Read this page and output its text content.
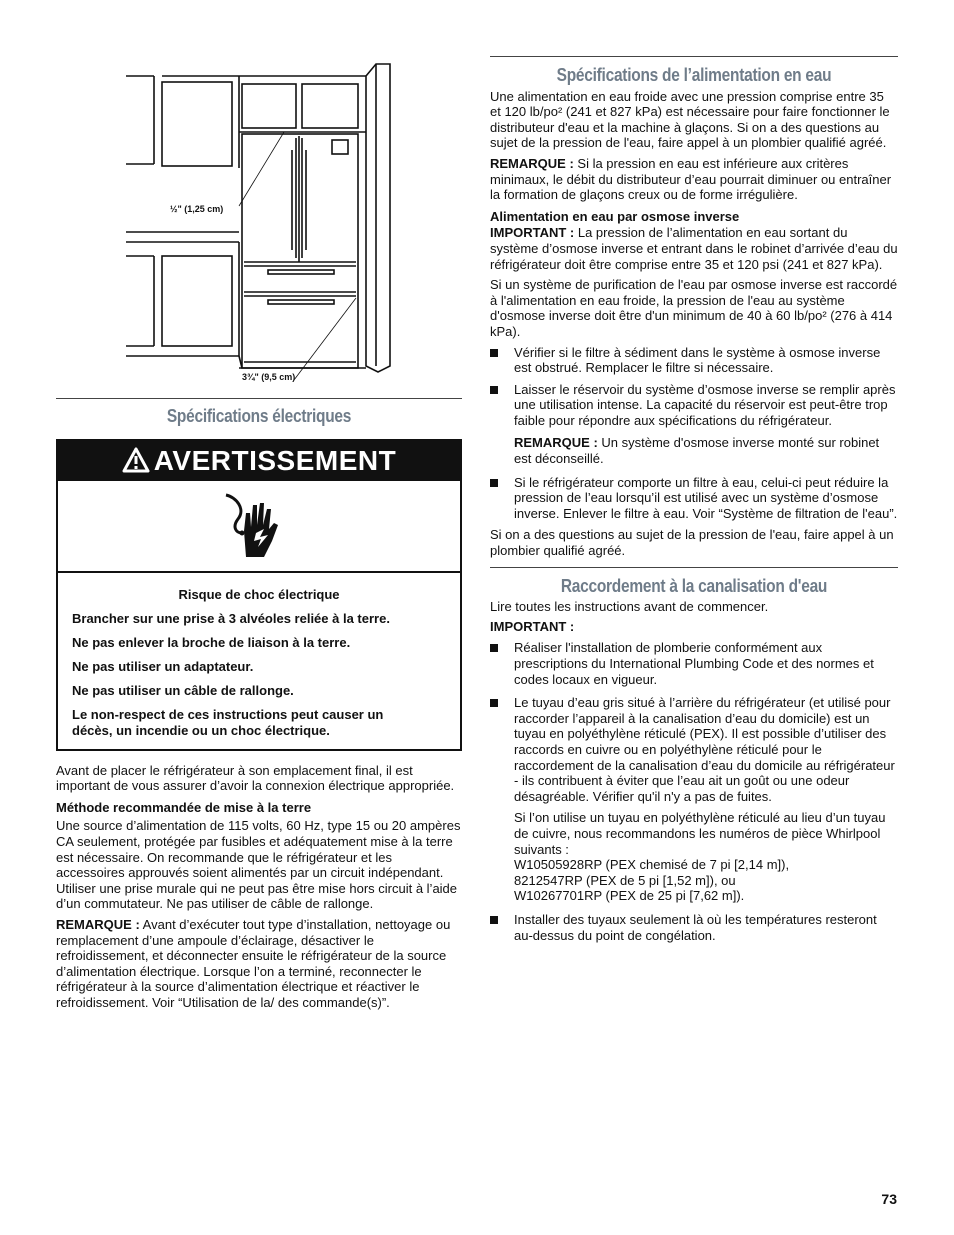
½" (1,25 cm)
3¾" (9,5 cm)
Spécifications électriques
AVERTISSEMENT

Risque de choc électrique

Brancher sur une prise à 3 alvéoles reliée à la terre.

Ne pas enlever la broche de liaison à la terre.

Ne pas utiliser un adaptateur.

Ne pas utiliser un câble de rallonge.

Le non-respect de ces instructions peut causer un décès, un incendie ou un choc électrique.

Avant de placer le réfrigérateur à son emplacement final, il est important de vous assurer d’avoir la connexion électrique appropriée.

Méthode recommandée de mise à la terre

Une source d’alimentation de 115 volts, 60 Hz, type 15 ou 20 ampères CA seulement, protégée par fusibles et adéquatement mise à la terre est nécessaire. On recommande que le réfrigérateur et les accessoires approuvés soient alimentés par un circuit indépendant. Utiliser une prise murale qui ne peut pas être mise hors circuit à l’aide d’un commutateur. Ne pas utiliser de câble de rallonge.

REMARQUE : Avant d’exécuter tout type d’installation, nettoyage ou remplacement d’une ampoule d’éclairage, désactiver le refroidissement, et déconnecter ensuite le réfrigérateur de la source d’alimentation électrique. Lorsque l’on a terminé, reconnecter le réfrigérateur à la source d’alimentation électrique et réactiver le refroidissement. Voir “Utilisation de la/ des commande(s)”.

Spécifications de l’alimentation en eau

Une alimentation en eau froide avec une pression comprise entre 35 et 120 lb/po² (241 et 827 kPa) est nécessaire pour faire fonctionner le distributeur d'eau et la machine à glaçons. Si on a des questions au sujet de la pression de l'eau, faire appel à un plombier qualifié agréé.

REMARQUE : Si la pression en eau est inférieure aux critères minimaux, le débit du distributeur d’eau pourrait diminuer ou entraîner la formation de glaçons creux ou de forme irrégulière.

Alimentation en eau par osmose inverse

IMPORTANT : La pression de l’alimentation en eau sortant du système d’osmose inverse et entrant dans le robinet d’arrivée d’eau du réfrigérateur doit être comprise entre 35 et 120 psi (241 et 827 kPa).

Si un système de purification de l'eau par osmose inverse est raccordé à l'alimentation en eau froide, la pression de l'eau au système d'osmose inverse doit être d'un minimum de 40 à 60 lb/po² (276 à 414 kPa).

Vérifier si le filtre à sédiment dans le système à osmose inverse est obstrué. Remplacer le filtre si nécessaire.
Laisser le réservoir du système d’osmose inverse se remplir après une utilisation intense. La capacité du réservoir est peut-être trop faible pour répondre aux spécifications du réfrigérateur.

REMARQUE : Un système d'osmose inverse monté sur robinet est déconseillé.

Si le réfrigérateur comporte un filtre à eau, celui-ci peut réduire la pression de l’eau lorsqu’il est utilisé avec un système d’osmose inverse. Enlever le filtre à eau. Voir “Système de filtration de l'eau”.

Si on a des questions au sujet de la pression de l'eau, faire appel à un plombier qualifié agréé.

Raccordement à la canalisation d'eau

Lire toutes les instructions avant de commencer.

IMPORTANT :

Réaliser l'installation de plomberie conformément aux prescriptions du International Plumbing Code et des normes et codes locaux en vigueur.
Le tuyau d’eau gris situé à l’arrière du réfrigérateur (et utilisé pour raccorder l’appareil à la canalisation d’eau du domicile) est un tuyau en polyéthylène réticulé (PEX). Il est possible d’utiliser des raccords en cuivre ou en polyéthylène réticulé pour le raccordement de la canalisation d’eau du domicile au réfrigérateur - ils contribuent à éviter que l’eau ait un goût ou une odeur désagréable. Vérifier qu'il n'y a pas de fuites.

Si l’on utilise un tuyau en polyéthylène réticulé au lieu d’un tuyau de cuivre, nous recommandons les numéros de pièce Whirlpool suivants :

W10505928RP (PEX chemisé de 7 pi [2,14 m]),

8212547RP (PEX de 5 pi [1,52 m]), ou

W10267701RP (PEX de 25 pi [7,62 m]).

Installer des tuyaux seulement là où les températures resteront au-dessus du point de congélation.
73
